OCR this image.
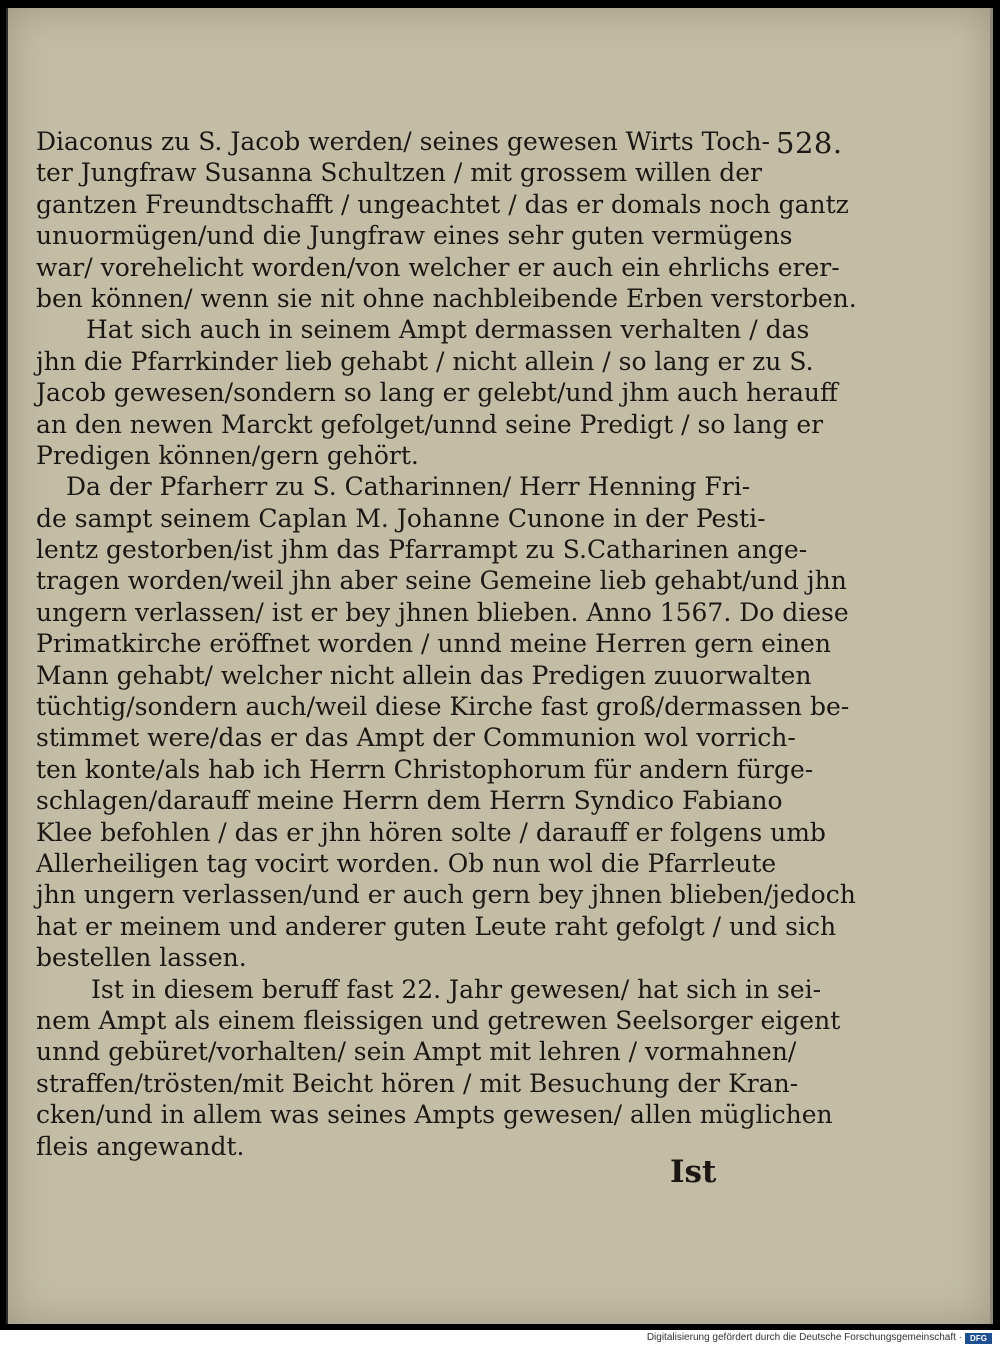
528.
Diaconus zu S. Jacob werden/ seines gewesen Wirts Toch-
ter Jungfraw Susanna Schultzen / mit grossem willen der
gantzen Freundtschafft / ungeachtet / das er domals noch gantz
unuormügen/und die Jungfraw eines sehr guten vermügens
war/ vorehelicht worden/von welcher er auch ein ehrlichs erer-
ben können/ wenn sie nit ohne nachbleibende Erben verstorben.
Hat sich auch in seinem Ampt dermassen verhalten / das
jhn die Pfarrkinder lieb gehabt / nicht allein / so lang er zu S.
Jacob gewesen/sondern so lang er gelebt/und jhm auch herauff
an den newen Marckt gefolget/unnd seine Predigt / so lang er
Predigen können/gern gehört.
Da der Pfarherr zu S. Catharinnen/ Herr Henning Fri-
de sampt seinem Caplan M. Johanne Cunone in der Pesti-
lentz gestorben/ist jhm das Pfarrampt zu S.Catharinen ange-
tragen worden/weil jhn aber seine Gemeine lieb gehabt/und jhn
ungern verlassen/ ist er bey jhnen blieben. Anno 1567. Do diese
Primatkirche eröffnet worden / unnd meine Herren gern einen
Mann gehabt/ welcher nicht allein das Predigen zuuorwalten
tüchtig/sondern auch/weil diese Kirche fast groß/dermassen be-
stimmet were/das er das Ampt der Communion wol vorrich-
ten konte/als hab ich Herrn Christophorum für andern fürge-
schlagen/darauff meine Herrn dem Herrn Syndico Fabiano
Klee befohlen / das er jhn hören solte / darauff er folgens umb
Allerheiligen tag vocirt worden. Ob nun wol die Pfarrleute
jhn ungern verlassen/und er auch gern bey jhnen blieben/jedoch
hat er meinem und anderer guten Leute raht gefolgt / und sich
bestellen lassen.
Ist in diesem beruff fast 22. Jahr gewesen/ hat sich in sei-
nem Ampt als einem fleissigen und getrewen Seelsorger eigent
unnd gebüret/vorhalten/ sein Ampt mit lehren / vormahnen/
straffen/trösten/mit Beicht hören / mit Besuchung der Kran-
cken/und in allem was seines Ampts gewesen/ allen müglichen
fleis angewandt.
Ist
Digitalisierung gefördert durch die Deutsche Forschungsgemeinschaft ·	DFG
